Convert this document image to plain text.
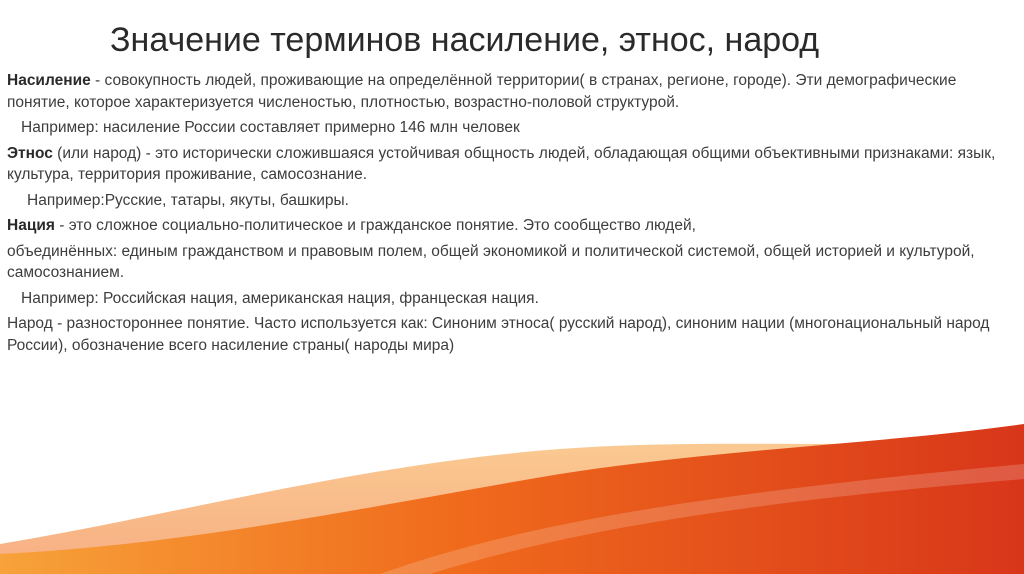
Значение терминов насиление, этнос, народ

Насиление - совокупность людей, проживающие на определённой территории( в странах, регионе, городе). Эти демографические понятие, которое характеризуется численостью, плотностью, возрастно-половой структурой.

Например: насиление России составляет примерно 146 млн человек

Этнос (или народ) - это исторически сложившаяся устойчивая общность людей, обладающая общими объективными признаками: язык, культура, территория проживание, самосознание.

Например:Русские, татары, якуты, башкиры.

Нация - это сложное социально-политическое и гражданское понятие. Это сообщество людей,

объединённых: единым гражданством и правовым полем, общей экономикой и политической системой, общей историей и культурой, самосознанием.

Например: Российская нация, американская нация, францеская нация.

Народ - разностороннее понятие. Часто используется как: Синоним этноса( русский народ), синоним нации (многонациональный народ России), обозначение всего насиление страны( народы мира)
